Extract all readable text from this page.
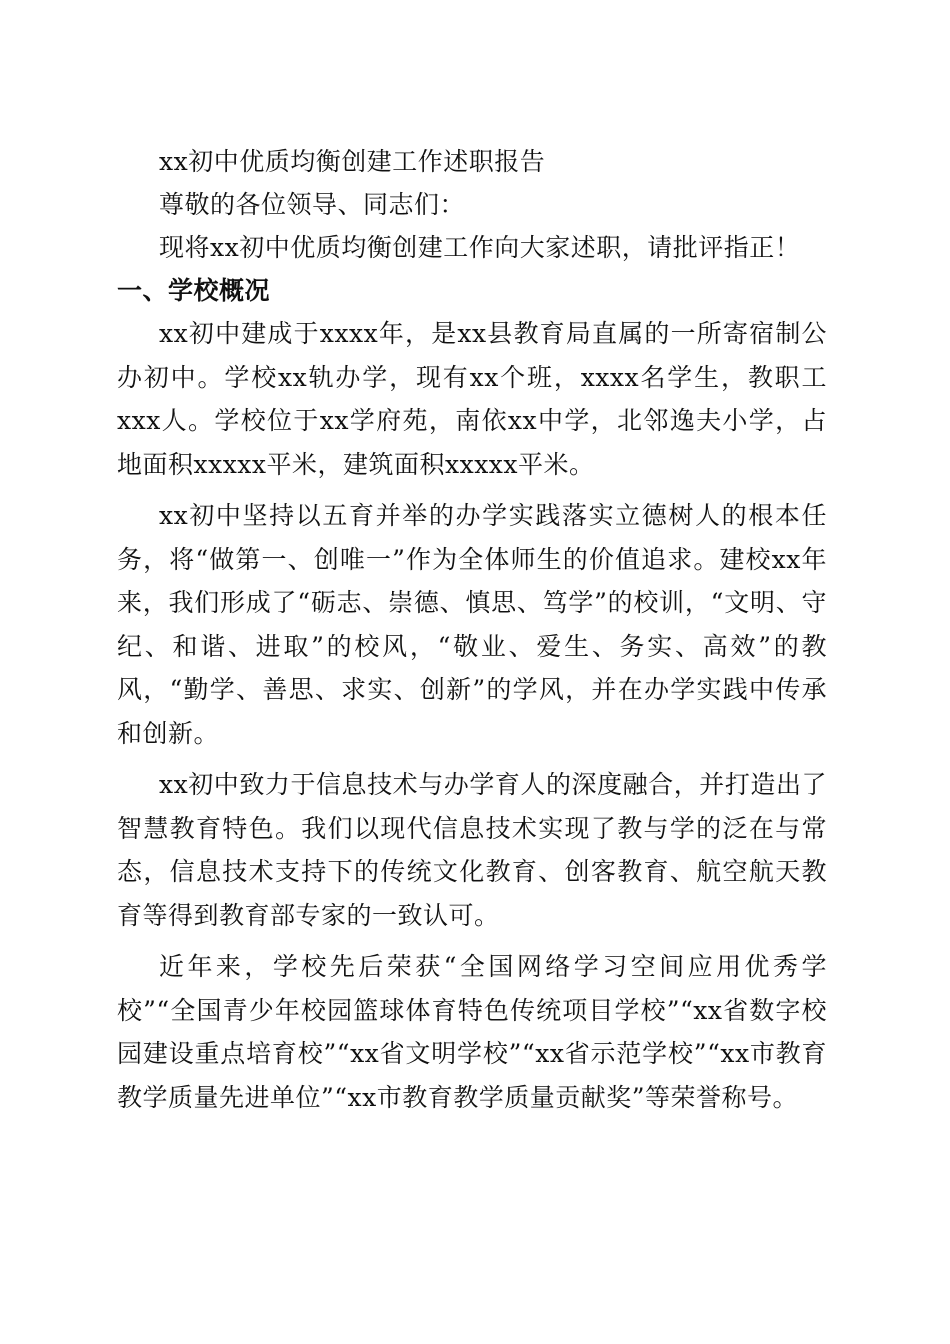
xx初中优质均衡创建工作述职报告
尊敬的各位领导、同志们：
现将xx初中优质均衡创建工作向大家述职，请批评指正！
一、学校概况

xx初中建成于xxxx年，是xx县教育局直属的一所寄宿制公办初中。学校xx轨办学，现有xx个班，xxxx名学生，教职工xxx人。学校位于xx学府苑，南依xx中学，北邻逸夫小学，占地面积xxxxx平米，建筑面积xxxxx平米。

xx初中坚持以五育并举的办学实践落实立德树人的根本任务，将“做第一、创唯一”作为全体师生的价值追求。建校xx年来，我们形成了“砺志、崇德、慎思、笃学”的校训，“文明、守纪、和谐、进取”的校风，“敬业、爱生、务实、高效”的教风，“勤学、善思、求实、创新”的学风，并在办学实践中传承和创新。

xx初中致力于信息技术与办学育人的深度融合，并打造出了智慧教育特色。我们以现代信息技术实现了教与学的泛在与常态，信息技术支持下的传统文化教育、创客教育、航空航天教育等得到教育部专家的一致认可。

近年来，学校先后荣获“全国网络学习空间应用优秀学校”“全国青少年校园篮球体育特色传统项目学校”“xx省数字校园建设重点培育校”“xx省文明学校”“xx省示范学校”“xx市教育教学质量先进单位”“xx市教育教学质量贡献奖”等荣誉称号。
